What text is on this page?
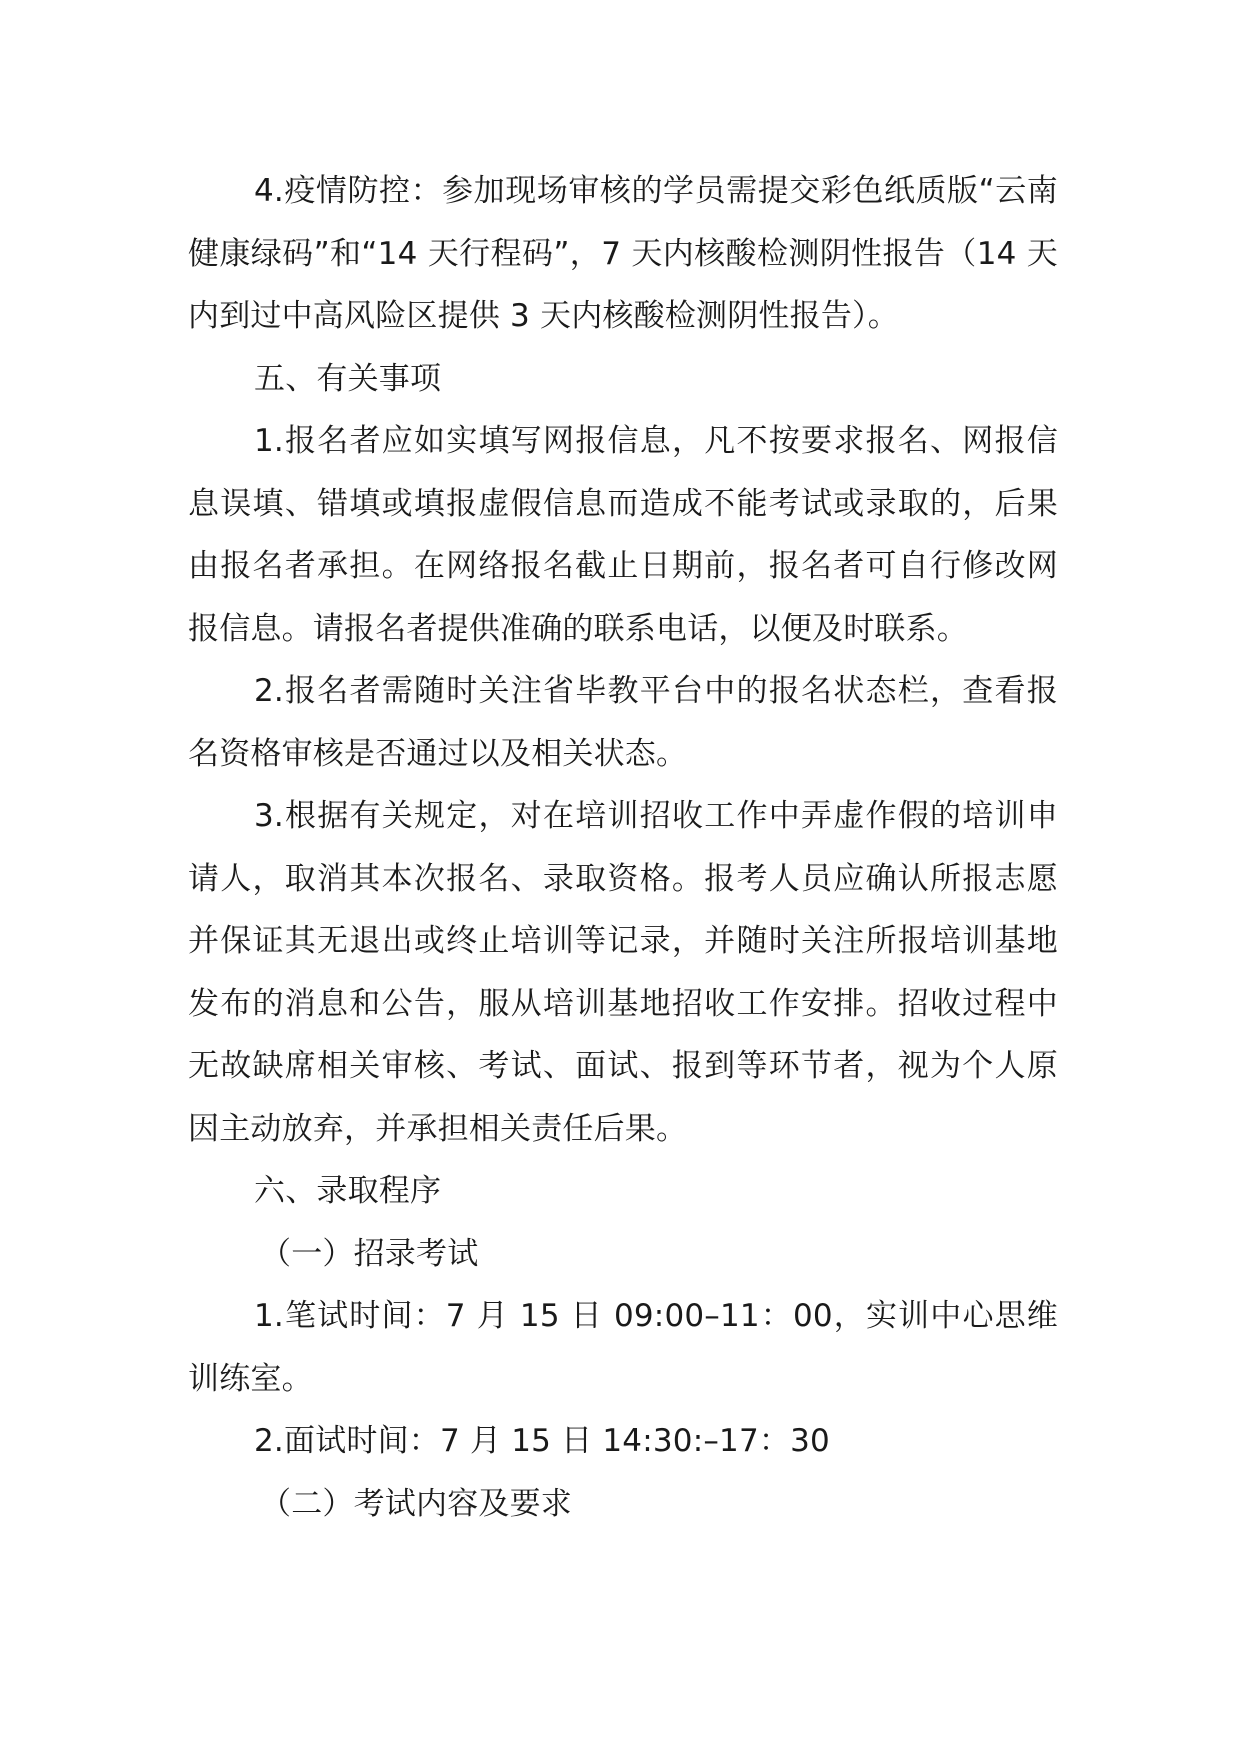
4.疫情防控：参加现场审核的学员需提交彩色纸质版“云南健康绿码”和“14 天行程码”，7 天内核酸检测阴性报告（14 天内到过中高风险区提供 3 天内核酸检测阴性报告）。

五、有关事项

1.报名者应如实填写网报信息，凡不按要求报名、网报信息误填、错填或填报虚假信息而造成不能考试或录取的，后果由报名者承担。在网络报名截止日期前，报名者可自行修改网报信息。请报名者提供准确的联系电话，以便及时联系。

2.报名者需随时关注省毕教平台中的报名状态栏，查看报名资格审核是否通过以及相关状态。

3.根据有关规定，对在培训招收工作中弄虚作假的培训申请人，取消其本次报名、录取资格。报考人员应确认所报志愿并保证其无退出或终止培训等记录，并随时关注所报培训基地发布的消息和公告，服从培训基地招收工作安排。招收过程中无故缺席相关审核、考试、面试、报到等环节者，视为个人原因主动放弃，并承担相关责任后果。

六、录取程序

（一）招录考试

1.笔试时间：7 月 15 日 09:00–11：00，实训中心思维训练室。

2.面试时间：7 月 15 日 14:30:–17：30

（二）考试内容及要求
